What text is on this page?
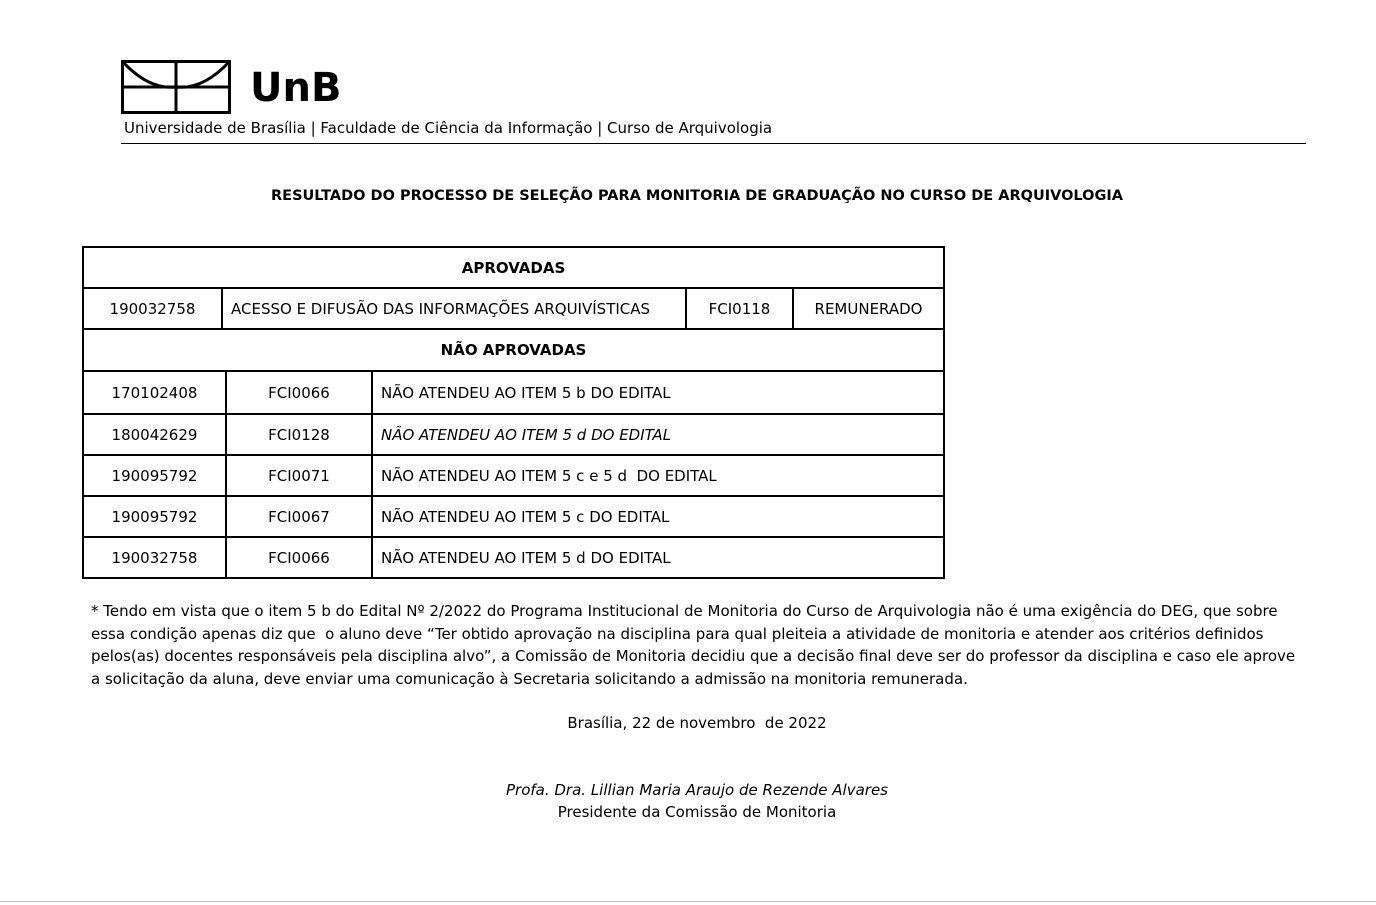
UnB
Universidade de Brasília | Faculdade de Ciência da Informação | Curso de Arquivologia
RESULTADO DO PROCESSO DE SELEÇÃO PARA MONITORIA DE GRADUAÇÃO NO CURSO DE ARQUIVOLOGIA
APROVADAS
190032758	ACESSO E DIFUSÃO DAS INFORMAÇÕES ARQUIVÍSTICAS	FCI0118	REMUNERADO
NÃO APROVADAS		
170102408	FCI0066	NÃO ATENDEU AO ITEM 5 b DO EDITAL
180042629	FCI0128	NÃO ATENDEU AO ITEM 5 d DO EDITAL
190095792	FCI0071	NÃO ATENDEU AO ITEM 5 c e 5 d  DO EDITAL
190095792	FCI0067	NÃO ATENDEU AO ITEM 5 c DO EDITAL
190032758	FCI0066	NÃO ATENDEU AO ITEM 5 d DO EDITAL
* Tendo em vista que o item 5 b do Edital Nº 2/2022 do Programa Institucional de Monitoria do Curso de Arquivologia não é uma exigência do DEG, que sobre essa condição apenas diz que  o aluno deve “Ter obtido aprovação na disciplina para qual pleiteia a atividade de monitoria e atender aos critérios definidos pelos(as) docentes responsáveis pela disciplina alvo”, a Comissão de Monitoria decidiu que a decisão final deve ser do professor da disciplina e caso ele aprove a solicitação da aluna, deve enviar uma comunicação à Secretaria solicitando a admissão na monitoria remunerada.
Brasília, 22 de novembro  de 2022
Profa. Dra. Lillian Maria Araujo de Rezende Alvares
Presidente da Comissão de Monitoria
